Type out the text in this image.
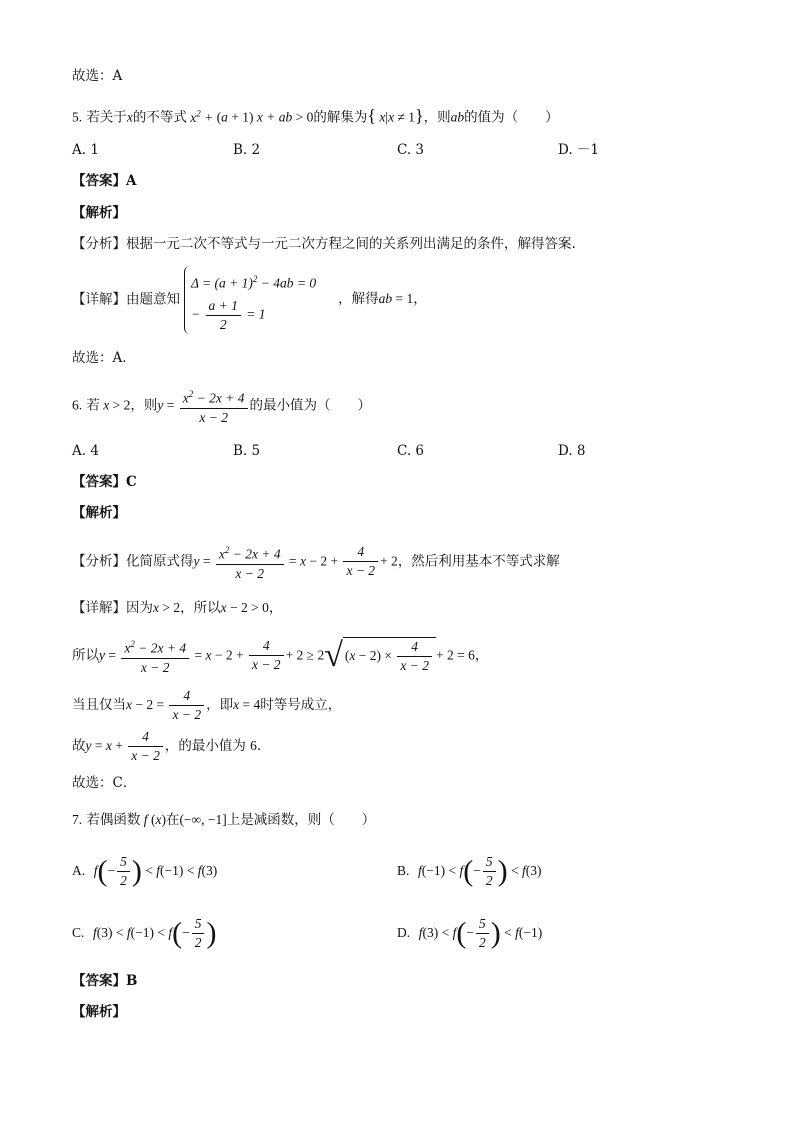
故选：A
5. 若关于x的不等式 $x^2 + (a + 1) x$ + ab > 0的解集为{ x|x ≠ 1}，则ab的值为（　　）
A. 1	B. 2	C. 3	D. －1
【答案】A
【解析】
【分析】根据一元二次不等式与一元二次方程之间的关系列出满足的条件，解得答案.
【详解】由题意知
$\Delta = (a + 1)^2 - 4ab = 0$
− $\frac{a + 1}{2} = 1$
，解得ab = 1，
故选：A．
6. 若 x > 2，则$y = \frac{x^2 - 2x + 4}{x - 2}$ 的最小值为（　　）
A. 4	B. 5	C. 6	D. 8
【答案】C
【解析】
【分析】化简原式得$y = \frac{x^2 - 2x + 4}{x - 2} = x - 2 + \frac{4}{x - 2} + 2$，然后利用基本不等式求解
【详解】因为x > 2，所以x − 2 > 0，
所以$y = \frac{x^2 - 2x + 4}{x - 2} = x - 2 + \frac{4}{x - 2} + 2 \ge 2√$ $(x - 2) \times \frac{4}{x - 2} + 2 = 6$，
当且仅当$x - 2 = \frac{4}{x - 2}$ ，即x = 4时等号成立，
故$y = x + \frac{4}{x - 2}$ ，的最小值为 6．
故选：C．
7. 若偶函数 f (x)在(−∞, −1]上是减函数，则（　　）
A. $f(- \frac{5}{2}$ ) < f(−1) < f(3)	B. $f(-1) < f(- \frac{5}{2}$ ) < f(3)
C. $f(3) < f(-1) < f(- \frac{5}{2}$ )	D. $f(3) < f(- \frac{5}{2}$ ) < f(−1)
【答案】B
【解析】
